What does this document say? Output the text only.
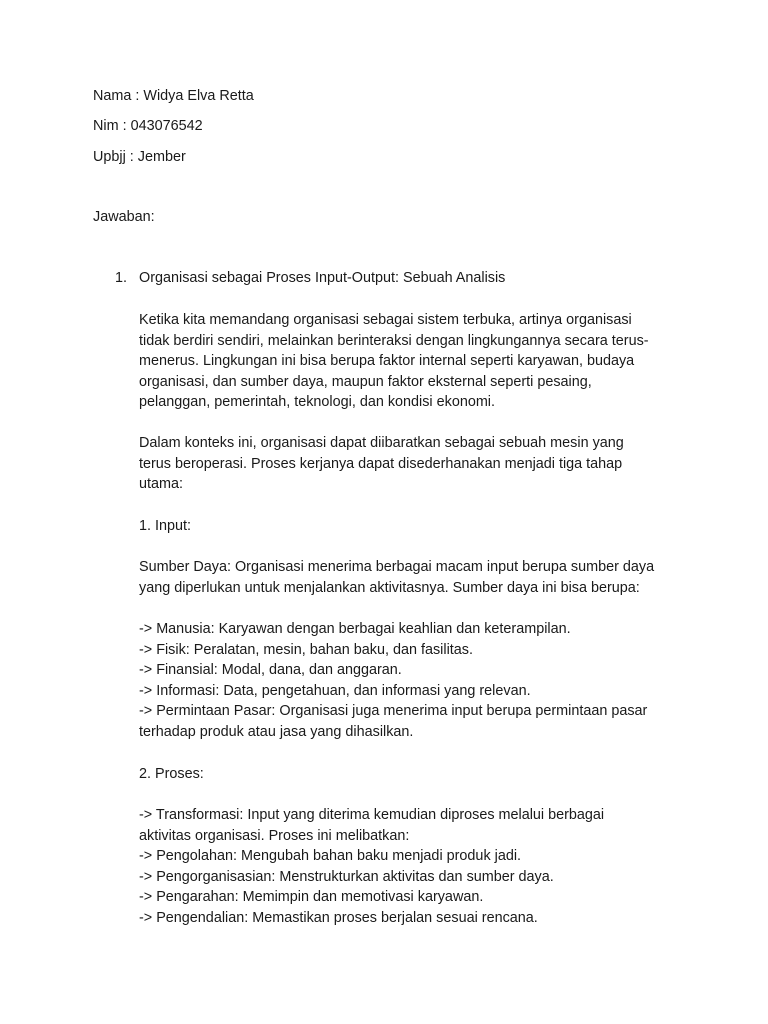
Nama : Widya Elva Retta
Nim : 043076542
Upbjj : Jember
Jawaban:
1. Organisasi sebagai Proses Input-Output: Sebuah Analisis
Ketika kita memandang organisasi sebagai sistem terbuka, artinya organisasi
tidak berdiri sendiri, melainkan berinteraksi dengan lingkungannya secara terus-
menerus. Lingkungan ini bisa berupa faktor internal seperti karyawan, budaya
organisasi, dan sumber daya, maupun faktor eksternal seperti pesaing,
pelanggan, pemerintah, teknologi, dan kondisi ekonomi.
Dalam konteks ini, organisasi dapat diibaratkan sebagai sebuah mesin yang
terus beroperasi. Proses kerjanya dapat disederhanakan menjadi tiga tahap
utama:
1. Input:
Sumber Daya: Organisasi menerima berbagai macam input berupa sumber daya
yang diperlukan untuk menjalankan aktivitasnya. Sumber daya ini bisa berupa:
-> Manusia: Karyawan dengan berbagai keahlian dan keterampilan.
-> Fisik: Peralatan, mesin, bahan baku, dan fasilitas.
-> Finansial: Modal, dana, dan anggaran.
-> Informasi: Data, pengetahuan, dan informasi yang relevan.
-> Permintaan Pasar: Organisasi juga menerima input berupa permintaan pasar
terhadap produk atau jasa yang dihasilkan.
2. Proses:
-> Transformasi: Input yang diterima kemudian diproses melalui berbagai
aktivitas organisasi. Proses ini melibatkan:
-> Pengolahan: Mengubah bahan baku menjadi produk jadi.
-> Pengorganisasian: Menstrukturkan aktivitas dan sumber daya.
-> Pengarahan: Memimpin dan memotivasi karyawan.
-> Pengendalian: Memastikan proses berjalan sesuai rencana.
